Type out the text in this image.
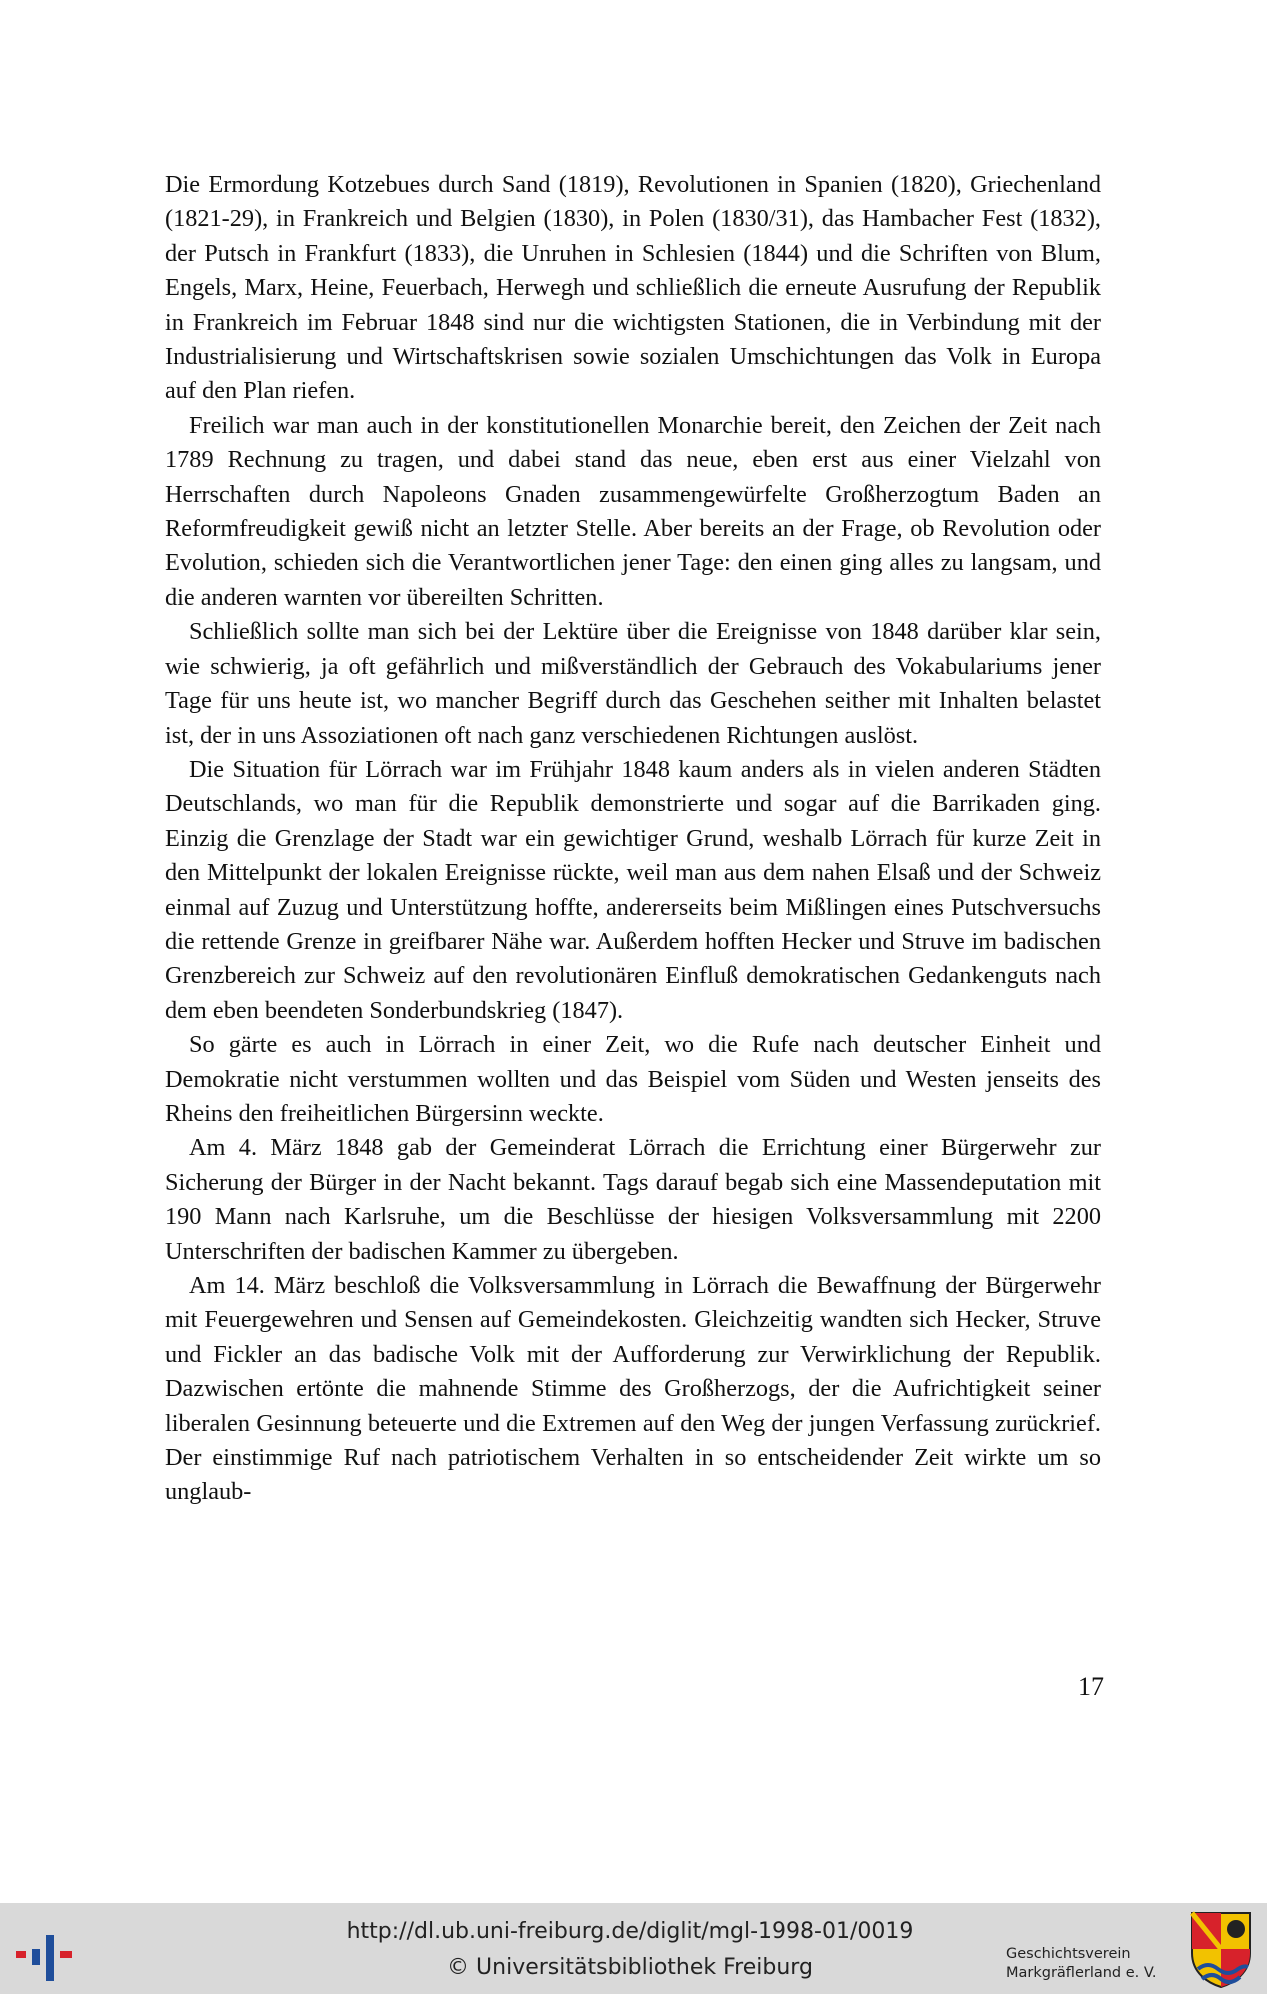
Die Ermordung Kotzebues durch Sand (1819), Revolutionen in Spanien (1820), Griechenland (1821-29), in Frankreich und Belgien (1830), in Polen (1830/31), das Hambacher Fest (1832), der Putsch in Frankfurt (1833), die Unruhen in Schlesien (1844) und die Schriften von Blum, Engels, Marx, Heine, Feuerbach, Herwegh und schließlich die erneute Ausrufung der Republik in Frankreich im Februar 1848 sind nur die wichtigsten Stationen, die in Verbindung mit der Industrialisierung und Wirtschaftskrisen sowie sozialen Umschichtungen das Volk in Europa auf den Plan riefen.

Freilich war man auch in der konstitutionellen Monarchie bereit, den Zeichen der Zeit nach 1789 Rechnung zu tragen, und dabei stand das neue, eben erst aus einer Vielzahl von Herrschaften durch Napoleons Gnaden zusammengewürfelte Großherzogtum Baden an Reformfreudigkeit gewiß nicht an letzter Stelle. Aber bereits an der Frage, ob Revolution oder Evolution, schieden sich die Verantwortlichen jener Tage: den einen ging alles zu langsam, und die anderen warnten vor übereilten Schritten.

Schließlich sollte man sich bei der Lektüre über die Ereignisse von 1848 darüber klar sein, wie schwierig, ja oft gefährlich und mißverständlich der Gebrauch des Vokabulariums jener Tage für uns heute ist, wo mancher Begriff durch das Geschehen seither mit Inhalten belastet ist, der in uns Assoziationen oft nach ganz verschiedenen Richtungen auslöst.

Die Situation für Lörrach war im Frühjahr 1848 kaum anders als in vielen anderen Städten Deutschlands, wo man für die Republik demonstrierte und sogar auf die Barrikaden ging. Einzig die Grenzlage der Stadt war ein gewichtiger Grund, weshalb Lörrach für kurze Zeit in den Mittelpunkt der lokalen Ereignisse rückte, weil man aus dem nahen Elsaß und der Schweiz einmal auf Zuzug und Unterstützung hoffte, andererseits beim Mißlingen eines Putschversuchs die rettende Grenze in greifbarer Nähe war. Außerdem hofften Hecker und Struve im badischen Grenzbereich zur Schweiz auf den revolutionären Einfluß demokratischen Gedankenguts nach dem eben beendeten Sonderbundskrieg (1847).

So gärte es auch in Lörrach in einer Zeit, wo die Rufe nach deutscher Einheit und Demokratie nicht verstummen wollten und das Beispiel vom Süden und Westen jenseits des Rheins den freiheitlichen Bürgersinn weckte.

Am 4. März 1848 gab der Gemeinderat Lörrach die Errichtung einer Bürgerwehr zur Sicherung der Bürger in der Nacht bekannt. Tags darauf begab sich eine Massendeputation mit 190 Mann nach Karlsruhe, um die Beschlüsse der hiesigen Volksversammlung mit 2200 Unterschriften der badischen Kammer zu übergeben.

Am 14. März beschloß die Volksversammlung in Lörrach die Bewaffnung der Bürgerwehr mit Feuergewehren und Sensen auf Gemeindekosten. Gleichzeitig wandten sich Hecker, Struve und Fickler an das badische Volk mit der Aufforderung zur Verwirklichung der Republik. Dazwischen ertönte die mahnende Stimme des Großherzogs, der die Aufrichtigkeit seiner liberalen Gesinnung beteuerte und die Extremen auf den Weg der jungen Verfassung zurückrief. Der einstimmige Ruf nach patriotischem Verhalten in so entscheidender Zeit wirkte um so unglaub-

17
http://dl.ub.uni-freiburg.de/diglit/mgl-1998-01/0019
© Universitätsbibliothek Freiburg
Geschichtsverein
Markgräflerland e. V.
